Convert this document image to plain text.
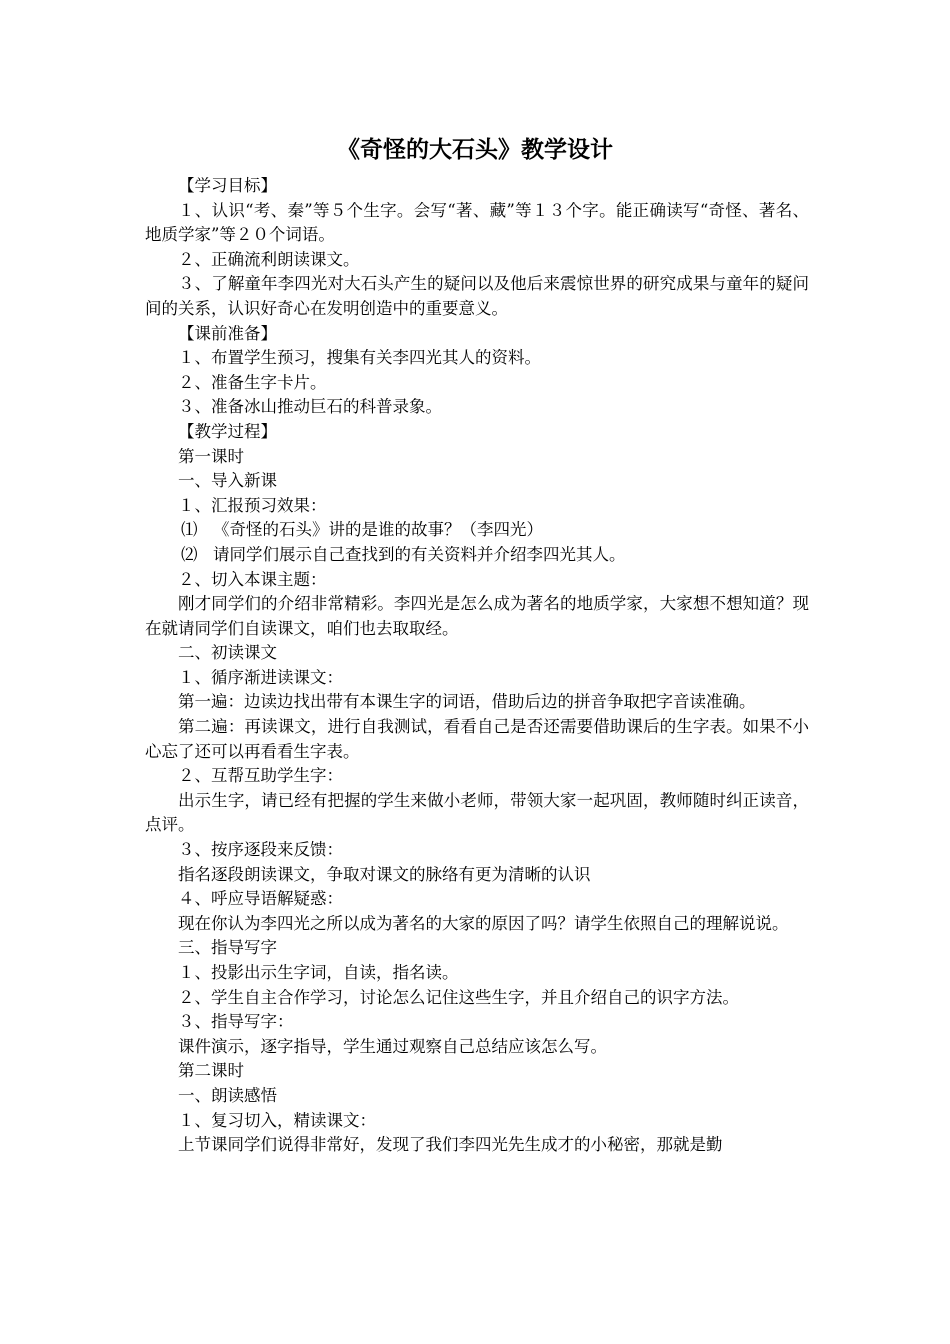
《奇怪的大石头》教学设计

【学习目标】

１、认识“考、秦”等５个生字。会写“著、藏”等１３个字。能正确读写“奇怪、著名、地质学家”等２０个词语。

２、正确流利朗读课文。

３、了解童年李四光对大石头产生的疑问以及他后来震惊世界的研究成果与童年的疑问间的关系，认识好奇心在发明创造中的重要意义。

【课前准备】

１、布置学生预习，搜集有关李四光其人的资料。

２、准备生字卡片。

３、准备冰山推动巨石的科普录象。

【教学过程】

第一课时

一、导入新课

１、汇报预习效果：

⑴ 《奇怪的石头》讲的是谁的故事？（李四光）

⑵ 请同学们展示自己查找到的有关资料并介绍李四光其人。

２、切入本课主题：

刚才同学们的介绍非常精彩。李四光是怎么成为著名的地质学家，大家想不想知道？现在就请同学们自读课文，咱们也去取取经。

二、初读课文

１、循序渐进读课文：

第一遍：边读边找出带有本课生字的词语，借助后边的拼音争取把字音读准确。

第二遍：再读课文，进行自我测试，看看自己是否还需要借助课后的生字表。如果不小心忘了还可以再看看生字表。

２、互帮互助学生字：

出示生字，请已经有把握的学生来做小老师，带领大家一起巩固，教师随时纠正读音，点评。

３、按序逐段来反馈：

指名逐段朗读课文，争取对课文的脉络有更为清晰的认识

４、呼应导语解疑惑：

现在你认为李四光之所以成为著名的大家的原因了吗？请学生依照自己的理解说说。

三、指导写字

１、投影出示生字词，自读，指名读。

２、学生自主合作学习，讨论怎么记住这些生字，并且介绍自己的识字方法。

３、指导写字：

课件演示，逐字指导，学生通过观察自己总结应该怎么写。

第二课时

一、朗读感悟

１、复习切入，精读课文：

上节课同学们说得非常好，发现了我们李四光先生成才的小秘密，那就是勤
